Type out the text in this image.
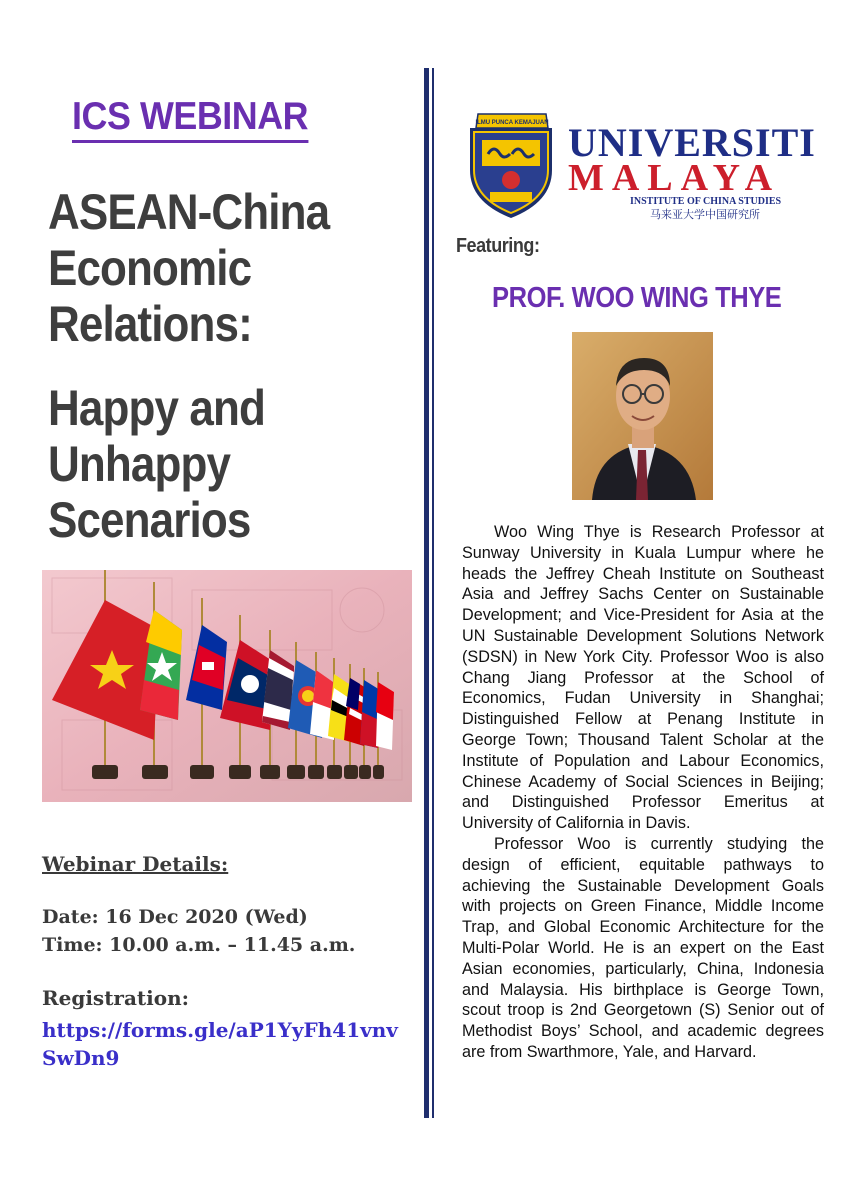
ICS WEBINAR
ASEAN-China
Economic
Relations:
Happy and
Unhappy
Scenarios
Webinar Details:
Date: 16 Dec 2020 (Wed)
Time: 10.00 a.m. – 11.45 a.m.
Registration:
https://forms.gle/aP1YyFh41vnvSwDn9
ILMU PUNCA KEMAJUAN UNIVERSITI
MALAYA
INSTITUTE OF CHINA STUDIES
马来亚大学中国研究所
Featuring:
PROF. WOO WING THYE

Woo Wing Thye is Research Professor at Sunway University in Kuala Lumpur where he heads the Jeffrey Cheah Institute on Southeast Asia and Jeffrey Sachs Center on Sustainable Development; and Vice-President for Asia at the UN Sustainable Development Solutions Network (SDSN) in New York City. Professor Woo is also Chang Jiang Professor at the School of Economics, Fudan University in Shanghai; Distinguished Fellow at Penang Institute in George Town; Thousand Talent Scholar at the Institute of Population and Labour Economics, Chinese Academy of Social Sciences in Beijing; and Distinguished Professor Emeritus at University of California in Davis.

Professor Woo is currently studying the design of efficient, equitable pathways to achieving the Sustainable Development Goals with projects on Green Finance, Middle Income Trap, and Global Economic Architecture for the Multi-Polar World. He is an expert on the East Asian economies, particularly, China, Indonesia and Malaysia. His birthplace is George Town, scout troop is 2nd Georgetown (S) Senior out of Methodist Boys’ School, and academic degrees are from Swarthmore, Yale, and Harvard.
